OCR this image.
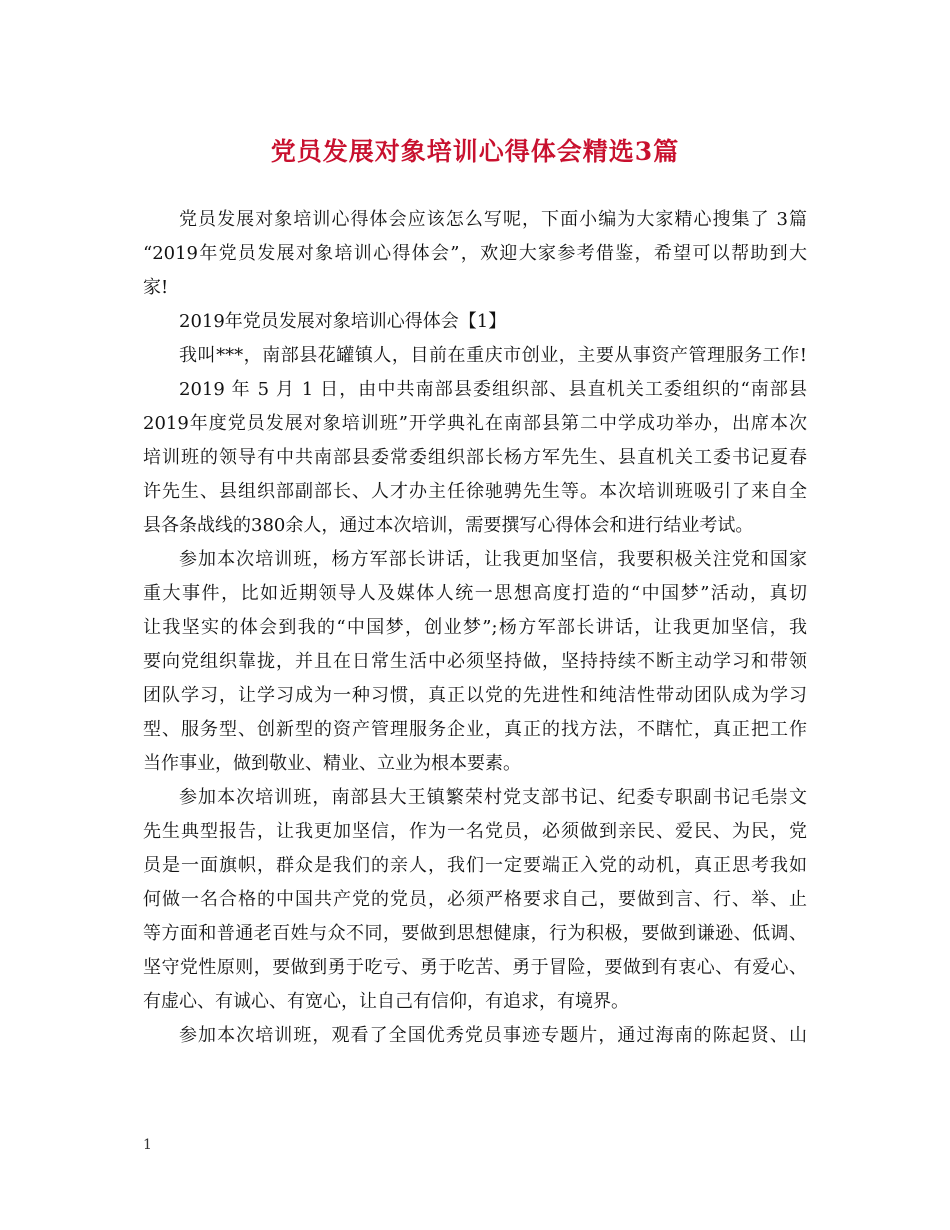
党员发展对象培训心得体会精选3篇
党员发展对象培训心得体会应该怎么写呢，下面小编为大家精心搜集了 3篇
“2019年党员发展对象培训心得体会”，欢迎大家参考借鉴，希望可以帮助到大
家!
2019年党员发展对象培训心得体会【1】
我叫***，南部县花罐镇人，目前在重庆市创业，主要从事资产管理服务工作!
2019 年 5 月 1 日，由中共南部县委组织部、县直机关工委组织的“南部县
2019年度党员发展对象培训班”开学典礼在南部县第二中学成功举办，出席本次
培训班的领导有中共南部县委常委组织部长杨方军先生、县直机关工委书记夏春
许先生、县组织部副部长、人才办主任徐驰骋先生等。本次培训班吸引了来自全
县各条战线的380余人，通过本次培训，需要撰写心得体会和进行结业考试。
参加本次培训班，杨方军部长讲话，让我更加坚信，我要积极关注党和国家
重大事件，比如近期领导人及媒体人统一思想高度打造的“中国梦”活动，真切
让我坚实的体会到我的“中国梦，创业梦”;杨方军部长讲话，让我更加坚信，我
要向党组织靠拢，并且在日常生活中必须坚持做，坚持持续不断主动学习和带领
团队学习，让学习成为一种习惯，真正以党的先进性和纯洁性带动团队成为学习
型、服务型、创新型的资产管理服务企业，真正的找方法，不瞎忙，真正把工作
当作事业，做到敬业、精业、立业为根本要素。
参加本次培训班，南部县大王镇繁荣村党支部书记、纪委专职副书记毛崇文
先生典型报告，让我更加坚信，作为一名党员，必须做到亲民、爱民、为民，党
员是一面旗帜，群众是我们的亲人，我们一定要端正入党的动机，真正思考我如
何做一名合格的中国共产党的党员，必须严格要求自己，要做到言、行、举、止
等方面和普通老百姓与众不同，要做到思想健康，行为积极，要做到谦逊、低调、
坚守党性原则，要做到勇于吃亏、勇于吃苦、勇于冒险，要做到有衷心、有爱心、
有虚心、有诚心、有宽心，让自己有信仰，有追求，有境界。
参加本次培训班，观看了全国优秀党员事迹专题片，通过海南的陈起贤、山
1
